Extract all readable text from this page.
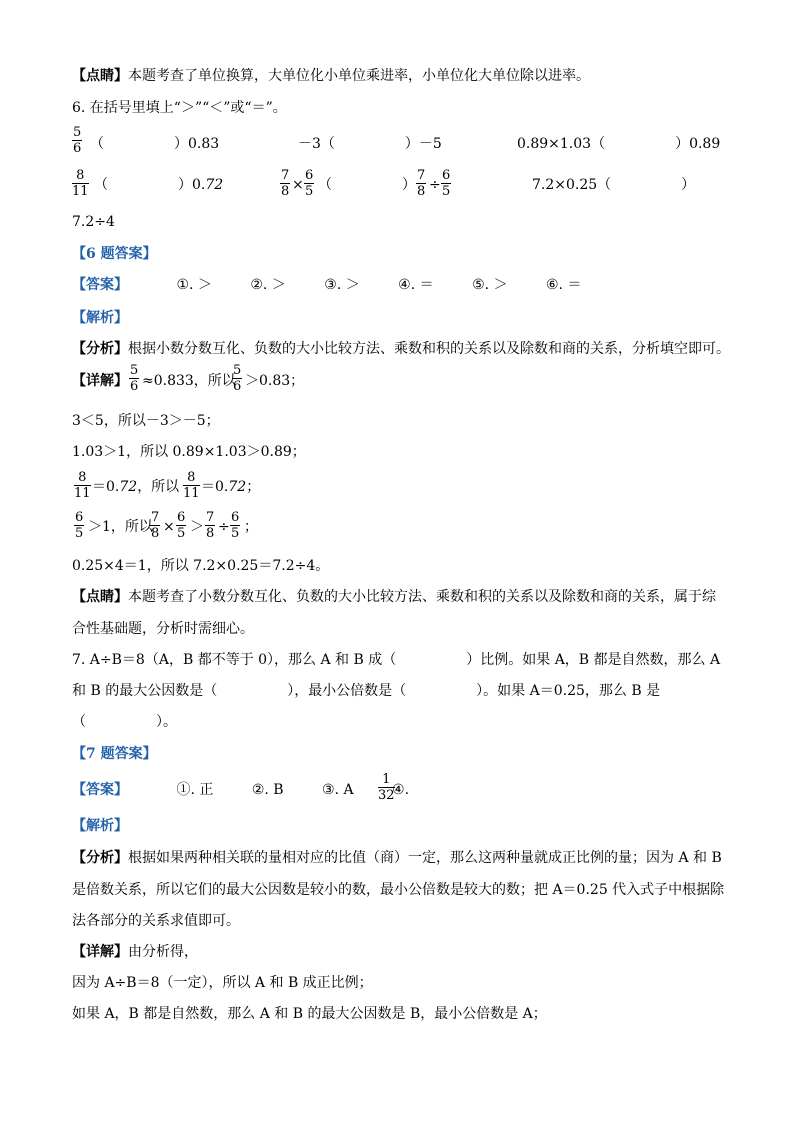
【点睛】本题考查了单位换算，大单位化小单位乘进率，小单位化大单位除以进率。
6. 在括号里填上“＞”“＜”或“＝”。
$\frac{5}{6}$ （　　　　　）0.83	－3（　　　　　）－5	0.89×1.03（　　　　　）0.89
$\frac{8}{11}$ （　　　　　）0.72	$\frac{7}{8} \times \frac{6}{5}$ （　　　　　） $\frac{7}{8} \div \frac{6}{5}$	7.2×0.25（　　　　　）
7.2÷4
【6 题答案】
【答案】	①. ＞	②. ＞	③. ＞	④. ＝	⑤. ＞	⑥. ＝
【解析】
【分析】根据小数分数互化、负数的大小比较方法、乘数和积的关系以及除数和商的关系，分析填空即可。
【详解】 $\frac{5}{6} \approx 0.833$，所以
$\frac{5}{6} >0.83$；
3＜5，所以－3＞－5；
1.03＞1，所以 0.89×1.03＞0.89；
$\frac{8}{11} =0.72$，所以 $\frac{8}{11} =0.72$；
$\frac{6}{5} >1$，所以
$\frac{7}{8} \times \frac{6}{5} > \frac{7}{8} \div \frac{6}{5}$ ；
0.25×4＝1，所以 7.2×0.25＝7.2÷4。
【点睛】本题考查了小数分数互化、负数的大小比较方法、乘数和积的关系以及除数和商的关系，属于综
合性基础题，分析时需细心。
7. A÷B＝8（A，B 都不等于 0），那么 A 和 B 成（　　　　　）比例。如果 A，B 都是自然数，那么 A
和 B 的最大公因数是（　　　　　），最小公倍数是（　　　　　）。如果 A＝0.25，那么 B 是
（　　　　　）。
【7 题答案】
【答案】	①. 正	②. B	③. A	④.
$\frac{1}{32}$
【解析】
【分析】根据如果两种相关联的量相对应的比值（商）一定，那么这两种量就成正比例的量；因为 A 和 B
是倍数关系，所以它们的最大公因数是较小的数，最小公倍数是较大的数；把 A＝0.25 代入式子中根据除
法各部分的关系求值即可。
【详解】由分析得，
因为 A÷B＝8（一定），所以 A 和 B 成正比例；
如果 A，B 都是自然数，那么 A 和 B 的最大公因数是 B，最小公倍数是 A；
